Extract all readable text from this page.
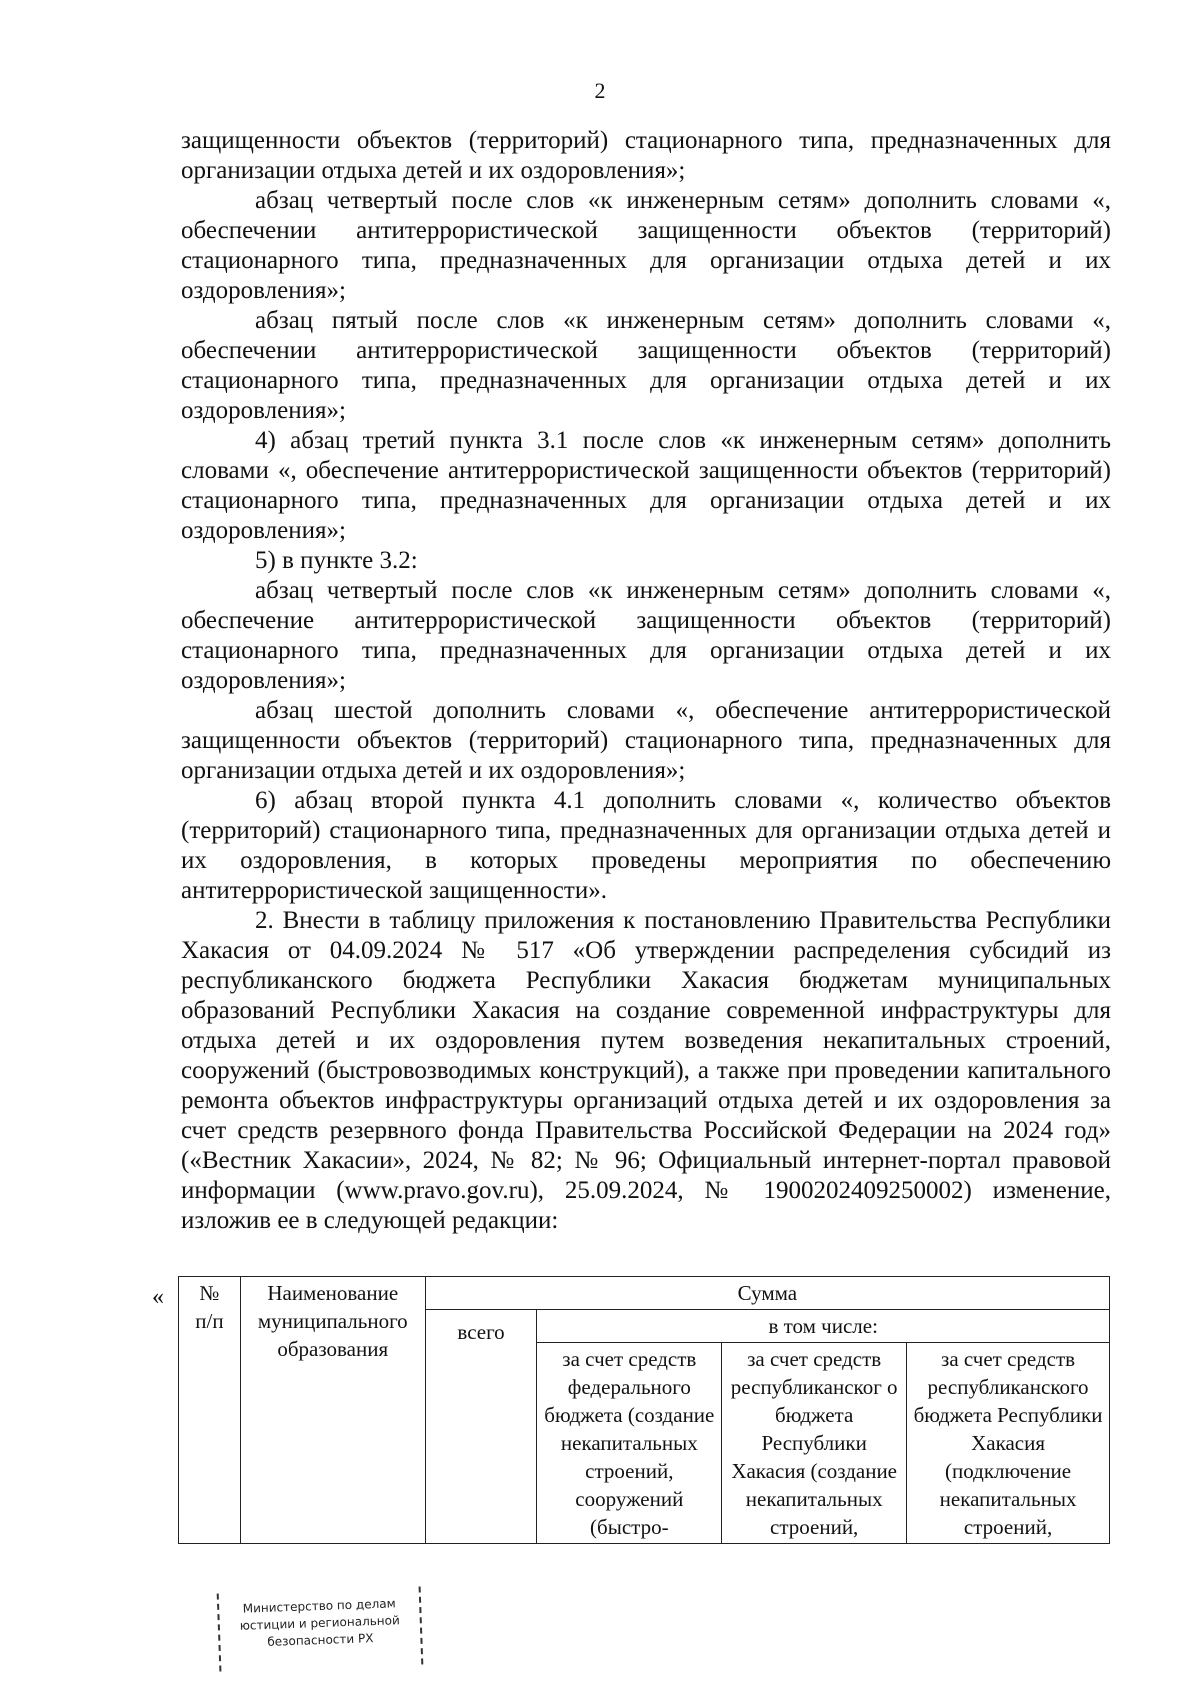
2

защищенности объектов (территорий) стационарного типа, предназначенных для организации отдыха детей и их оздоровления»;

абзац четвертый после слов «к инженерным сетям» дополнить словами «, обеспечении антитеррористической защищенности объектов (территорий) стационарного типа, предназначенных для организации отдыха детей и их оздоровления»;

абзац пятый после слов «к инженерным сетям» дополнить словами «, обеспечении антитеррористической защищенности объектов (территорий) стационарного типа, предназначенных для организации отдыха детей и их оздоровления»;

4) абзац третий пункта 3.1 после слов «к инженерным сетям» дополнить словами «, обеспечение антитеррористической защищенности объектов (территорий) стационарного типа, предназначенных для организации отдыха детей и их оздоровления»;

5) в пункте 3.2:

абзац четвертый после слов «к инженерным сетям» дополнить словами «, обеспечение антитеррористической защищенности объектов (территорий) стационарного типа, предназначенных для организации отдыха детей и их оздоровления»;

абзац шестой дополнить словами «, обеспечение антитеррористической защищенности объектов (территорий) стационарного типа, предназначенных для организации отдыха детей и их оздоровления»;

6) абзац второй пункта 4.1 дополнить словами «, количество объектов (территорий) стационарного типа, предназначенных для организации отдыха детей и их оздоровления, в которых проведены мероприятия по обеспечению антитеррористической защищенности».

2. Внести в таблицу приложения к постановлению Правительства Республики Хакасия от 04.09.2024 № 517 «Об утверждении распределения субсидий из республиканского бюджета Республики Хакасия бюджетам муниципальных образований Республики Хакасия на создание современной инфраструктуры для отдыха детей и их оздоровления путем возведения некапитальных строений, сооружений (быстровозводимых конструкций), а также при проведении капитального ремонта объектов инфраструктуры организаций отдыха детей и их оздоровления за счет средств резервного фонда Правительства Российской Федерации на 2024 год» («Вестник Хакасии», 2024, № 82; № 96; Официальный интернет-портал правовой информации (www.pravo.gov.ru), 25.09.2024, № 1900202409250002) изменение, изложив ее в следующей редакции:

« №
п/п	Наименование муниципального образования	Сумма			
		всего	в том числе:		
			за счет средств федерального бюджета (создание некапитальных строений, сооружений (быстро-	за счет средств республиканског о бюджета Республики Хакасия (создание некапитальных строений,	за счет средств республиканского бюджета Республики Хакасия (подключение некапитальных строений,
Министерство по делам
юстиции и региональной
безопасности РХ
